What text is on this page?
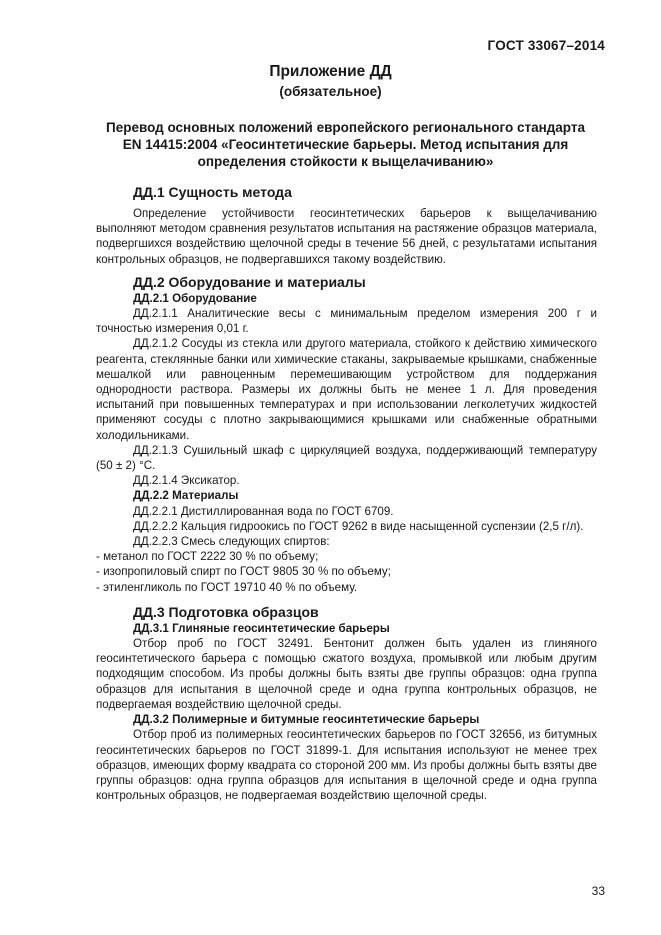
ГОСТ 33067–2014
Приложение ДД
(обязательное)
Перевод основных положений европейского регионального стандарта EN 14415:2004 «Геосинтетические барьеры. Метод испытания для определения стойкости к выщелачиванию»
ДД.1 Сущность метода

Определение устойчивости геосинтетических барьеров к выщелачиванию выполняют методом сравнения результатов испытания на растяжение образцов материала, подвергшихся воздействию щелочной среды в течение 56 дней, с результатами испытания контрольных образцов, не подвергавшихся такому воздействию.

ДД.2 Оборудование и материалы
ДД.2.1 Оборудование

ДД.2.1.1 Аналитические весы с минимальным пределом измерения 200 г и точностью измерения 0,01 г.

ДД.2.1.2 Сосуды из стекла или другого материала, стойкого к действию химического реагента, стеклянные банки или химические стаканы, закрываемые крышками, снабженные мешалкой или равноценным перемешивающим устройством для поддержания однородности раствора. Размеры их должны быть не менее 1 л. Для проведения испытаний при повышенных температурах и при использовании легколетучих жидкостей применяют сосуды с плотно закрывающимися крышками или снабженные обратными холодильниками.

ДД.2.1.3 Сушильный шкаф с циркуляцией воздуха, поддерживающий температуру (50 ± 2) °С.

ДД.2.1.4 Эксикатор.

ДД.2.2 Материалы

ДД.2.2.1 Дистиллированная вода по ГОСТ 6709.

ДД.2.2.2 Кальция гидроокись по ГОСТ 9262 в виде насыщенной суспензии (2,5 г/л).

ДД.2.2.3 Смесь следующих спиртов:

- метанол по ГОСТ 2222 30 % по объему;

- изопропиловый спирт по ГОСТ 9805 30 % по объему;

- этиленгликоль по ГОСТ 19710 40 % по объему.

ДД.3 Подготовка образцов
ДД.3.1 Глиняные геосинтетические барьеры

Отбор проб по ГОСТ 32491. Бентонит должен быть удален из глиняного геосинтетического барьера с помощью сжатого воздуха, промывкой или любым другим подходящим способом. Из пробы должны быть взяты две группы образцов: одна группа образцов для испытания в щелочной среде и одна группа контрольных образцов, не подвергаемая воздействию щелочной среды.

ДД.3.2 Полимерные и битумные геосинтетические барьеры

Отбор проб из полимерных геосинтетических барьеров по ГОСТ 32656, из битумных геосинтетических барьеров по ГОСТ 31899-1. Для испытания используют не менее трех образцов, имеющих форму квадрата со стороной 200 мм. Из пробы должны быть взяты две группы образцов: одна группа образцов для испытания в щелочной среде и одна группа контрольных образцов, не подвергаемая воздействию щелочной среды.

33
